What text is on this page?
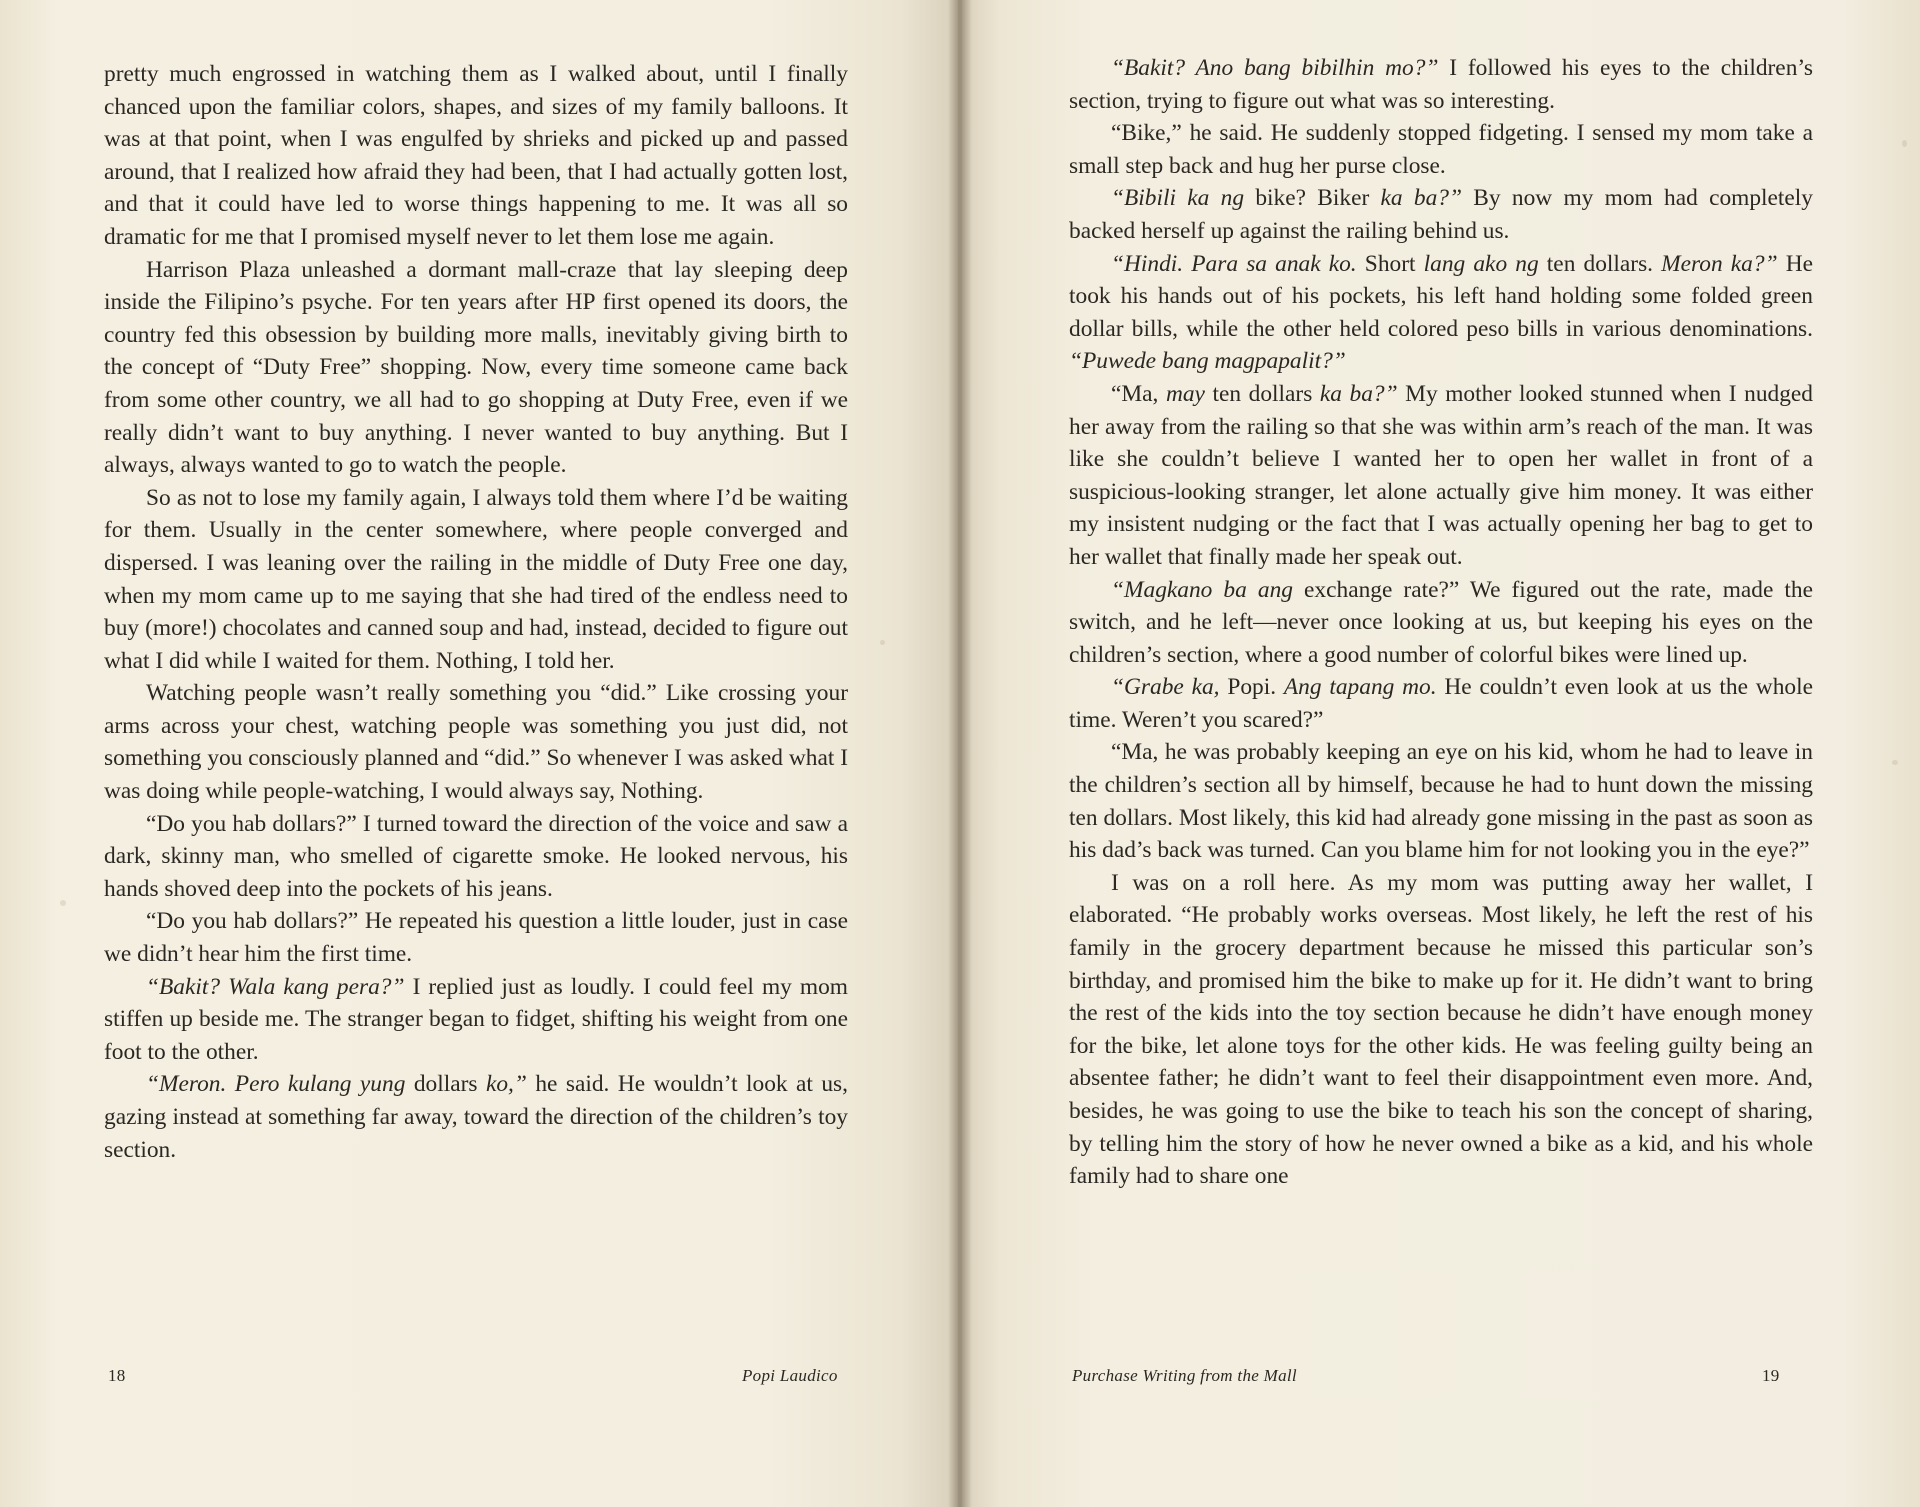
pretty much engrossed in watching them as I walked about, until I finally chanced upon the familiar colors, shapes, and sizes of my family balloons. It was at that point, when I was engulfed by shrieks and picked up and passed around, that I realized how afraid they had been, that I had actually gotten lost, and that it could have led to worse things happening to me. It was all so dramatic for me that I promised myself never to let them lose me again.

Harrison Plaza unleashed a dormant mall-craze that lay sleeping deep inside the Filipino’s psyche. For ten years after HP first opened its doors, the country fed this obsession by building more malls, inevitably giving birth to the concept of “Duty Free” shopping. Now, every time someone came back from some other country, we all had to go shopping at Duty Free, even if we really didn’t want to buy anything. I never wanted to buy anything. But I always, always wanted to go to watch the people.

So as not to lose my family again, I always told them where I’d be waiting for them. Usually in the center somewhere, where people converged and dispersed. I was leaning over the railing in the middle of Duty Free one day, when my mom came up to me saying that she had tired of the endless need to buy (more!) chocolates and canned soup and had, instead, decided to figure out what I did while I waited for them. Nothing, I told her.

Watching people wasn’t really something you “did.” Like crossing your arms across your chest, watching people was something you just did, not something you consciously planned and “did.” So whenever I was asked what I was doing while people-watching, I would always say, Nothing.

“Do you hab dollars?” I turned toward the direction of the voice and saw a dark, skinny man, who smelled of cigarette smoke. He looked nervous, his hands shoved deep into the pockets of his jeans.

“Do you hab dollars?” He repeated his question a little louder, just in case we didn’t hear him the first time.

“Bakit? Wala kang pera?” I replied just as loudly. I could feel my mom stiffen up beside me. The stranger began to fidget, shifting his weight from one foot to the other.

“Meron. Pero kulang yung dollars ko,” he said. He wouldn’t look at us, gazing instead at something far away, toward the direction of the children’s toy section.

18	Popi Laudico

“Bakit? Ano bang bibilhin mo?” I followed his eyes to the children’s section, trying to figure out what was so interesting.

“Bike,” he said. He suddenly stopped fidgeting. I sensed my mom take a small step back and hug her purse close.

“Bibili ka ng bike? Biker ka ba?” By now my mom had completely backed herself up against the railing behind us.

“Hindi. Para sa anak ko. Short lang ako ng ten dollars. Meron ka?” He took his hands out of his pockets, his left hand holding some folded green dollar bills, while the other held colored peso bills in various denominations. “Puwede bang magpapalit?”

“Ma, may ten dollars ka ba?” My mother looked stunned when I nudged her away from the railing so that she was within arm’s reach of the man. It was like she couldn’t believe I wanted her to open her wallet in front of a suspicious-looking stranger, let alone actually give him money. It was either my insistent nudging or the fact that I was actually opening her bag to get to her wallet that finally made her speak out.

“Magkano ba ang exchange rate?” We figured out the rate, made the switch, and he left—never once looking at us, but keeping his eyes on the children’s section, where a good number of colorful bikes were lined up.

“Grabe ka, Popi. Ang tapang mo. He couldn’t even look at us the whole time. Weren’t you scared?”

“Ma, he was probably keeping an eye on his kid, whom he had to leave in the children’s section all by himself, because he had to hunt down the missing ten dollars. Most likely, this kid had already gone missing in the past as soon as his dad’s back was turned. Can you blame him for not looking you in the eye?”

I was on a roll here. As my mom was putting away her wallet, I elaborated. “He probably works overseas. Most likely, he left the rest of his family in the grocery department because he missed this particular son’s birthday, and promised him the bike to make up for it. He didn’t want to bring the rest of the kids into the toy section because he didn’t have enough money for the bike, let alone toys for the other kids. He was feeling guilty being an absentee father; he didn’t want to feel their disappointment even more. And, besides, he was going to use the bike to teach his son the concept of sharing, by telling him the story of how he never owned a bike as a kid, and his whole family had to share one

Purchase Writing from the Mall	19
